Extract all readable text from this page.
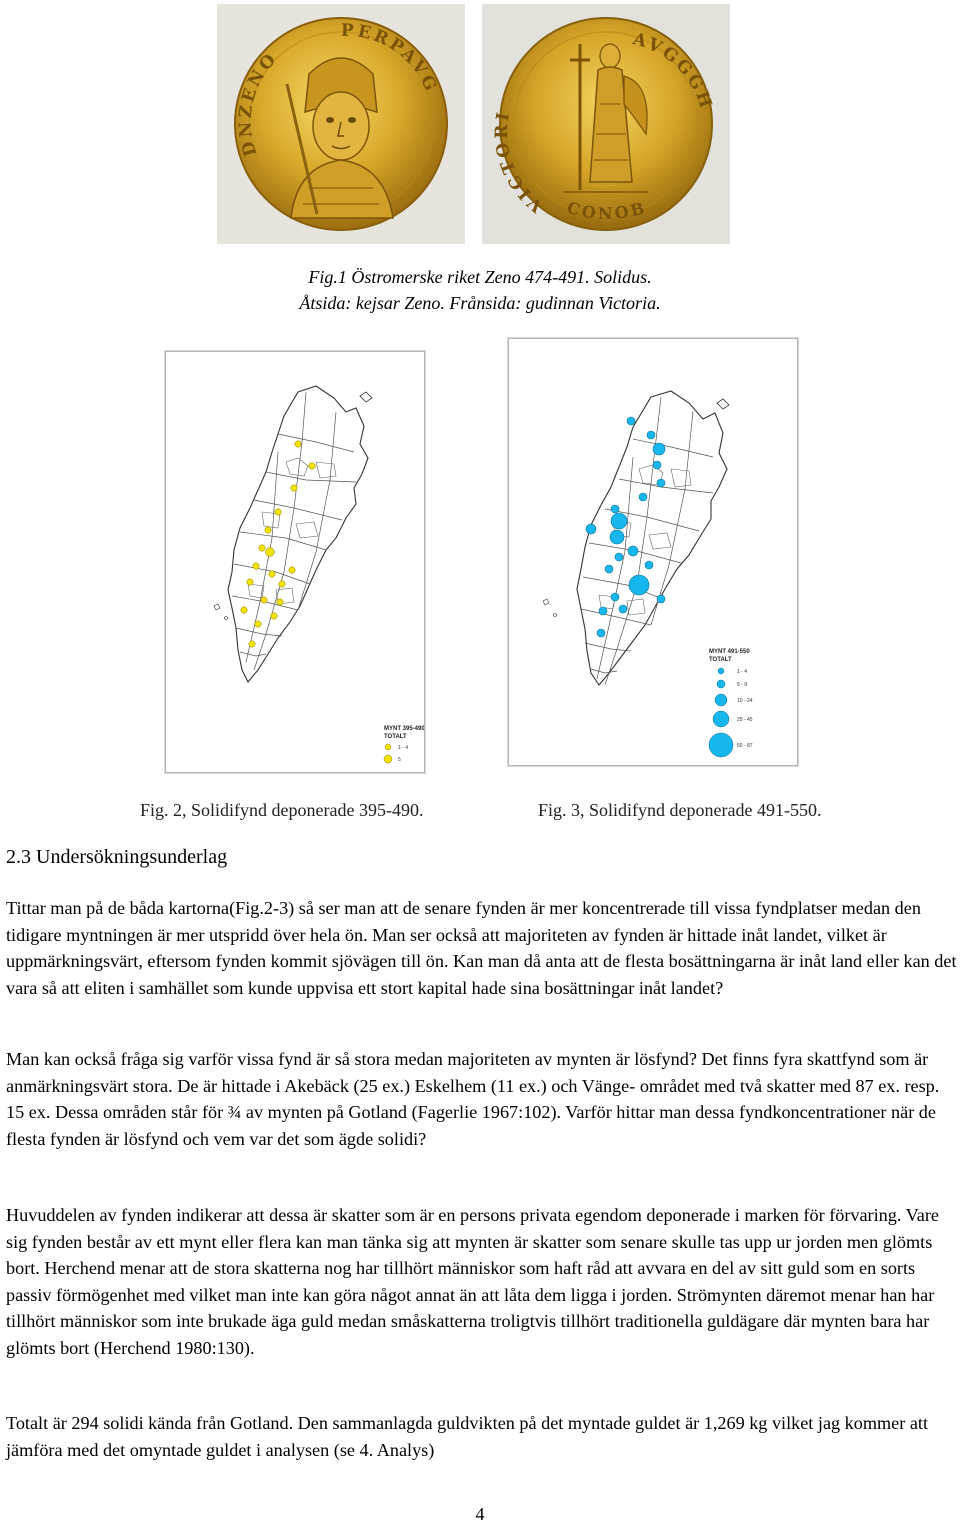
DNZENO
PERPAVG
VICTORI
AVGGGH
CONOB
Fig.1 Östromerske riket Zeno 474-491. Solidus.
Åtsida: kejsar Zeno. Frånsida: gudinnan Victoria.
MYNT 395-490
TOTALT
1 - 4
5
MYNT 491-550
TOTALT
1 - 4
5 - 9
10 - 24
25 - 45
50 - 87
Fig. 2, Solidifynd deponerade 395-490.	Fig. 3, Solidifynd deponerade 491-550.
2.3 Undersökningsunderlag

Tittar man på de båda kartorna(Fig.2-3) så ser man att de senare fynden är mer koncentrerade till vissa fyndplatser medan den tidigare myntningen är mer utspridd över hela ön. Man ser också att majoriteten av fynden är hittade inåt landet, vilket är uppmärkningsvärt, eftersom fynden kommit sjövägen till ön. Kan man då anta att de flesta bosättningarna är inåt land eller kan det vara så att eliten i samhället som kunde uppvisa ett stort kapital hade sina bosättningar inåt landet?

Man kan också fråga sig varför vissa fynd är så stora medan majoriteten av mynten är lösfynd? Det finns fyra skattfynd som är anmärkningsvärt stora. De är hittade i Akebäck (25 ex.) Eskelhem (11 ex.) och Vänge- området med två skatter med 87 ex. resp. 15 ex. Dessa områden står för ¾ av mynten på Gotland (Fagerlie 1967:102). Varför hittar man dessa fyndkoncentrationer när de flesta fynden är lösfynd och vem var det som ägde solidi?

Huvuddelen av fynden indikerar att dessa är skatter som är en persons privata egendom deponerade i marken för förvaring. Vare sig fynden består av ett mynt eller flera kan man tänka sig att mynten är skatter som senare skulle tas upp ur jorden men glömts bort. Herchend menar att de stora skatterna nog har tillhört människor som haft råd att avvara en del av sitt guld som en sorts passiv förmögenhet med vilket man inte kan göra något annat än att låta dem ligga i jorden. Strömynten däremot menar han har tillhört människor som inte brukade äga guld medan småskatterna troligtvis tillhört traditionella guldägare där mynten bara har glömts bort (Herchend 1980:130).

Totalt är 294 solidi kända från Gotland. Den sammanlagda guldvikten på det myntade guldet är 1,269 kg vilket jag kommer att jämföra med det omyntade guldet i analysen (se 4. Analys)

4
